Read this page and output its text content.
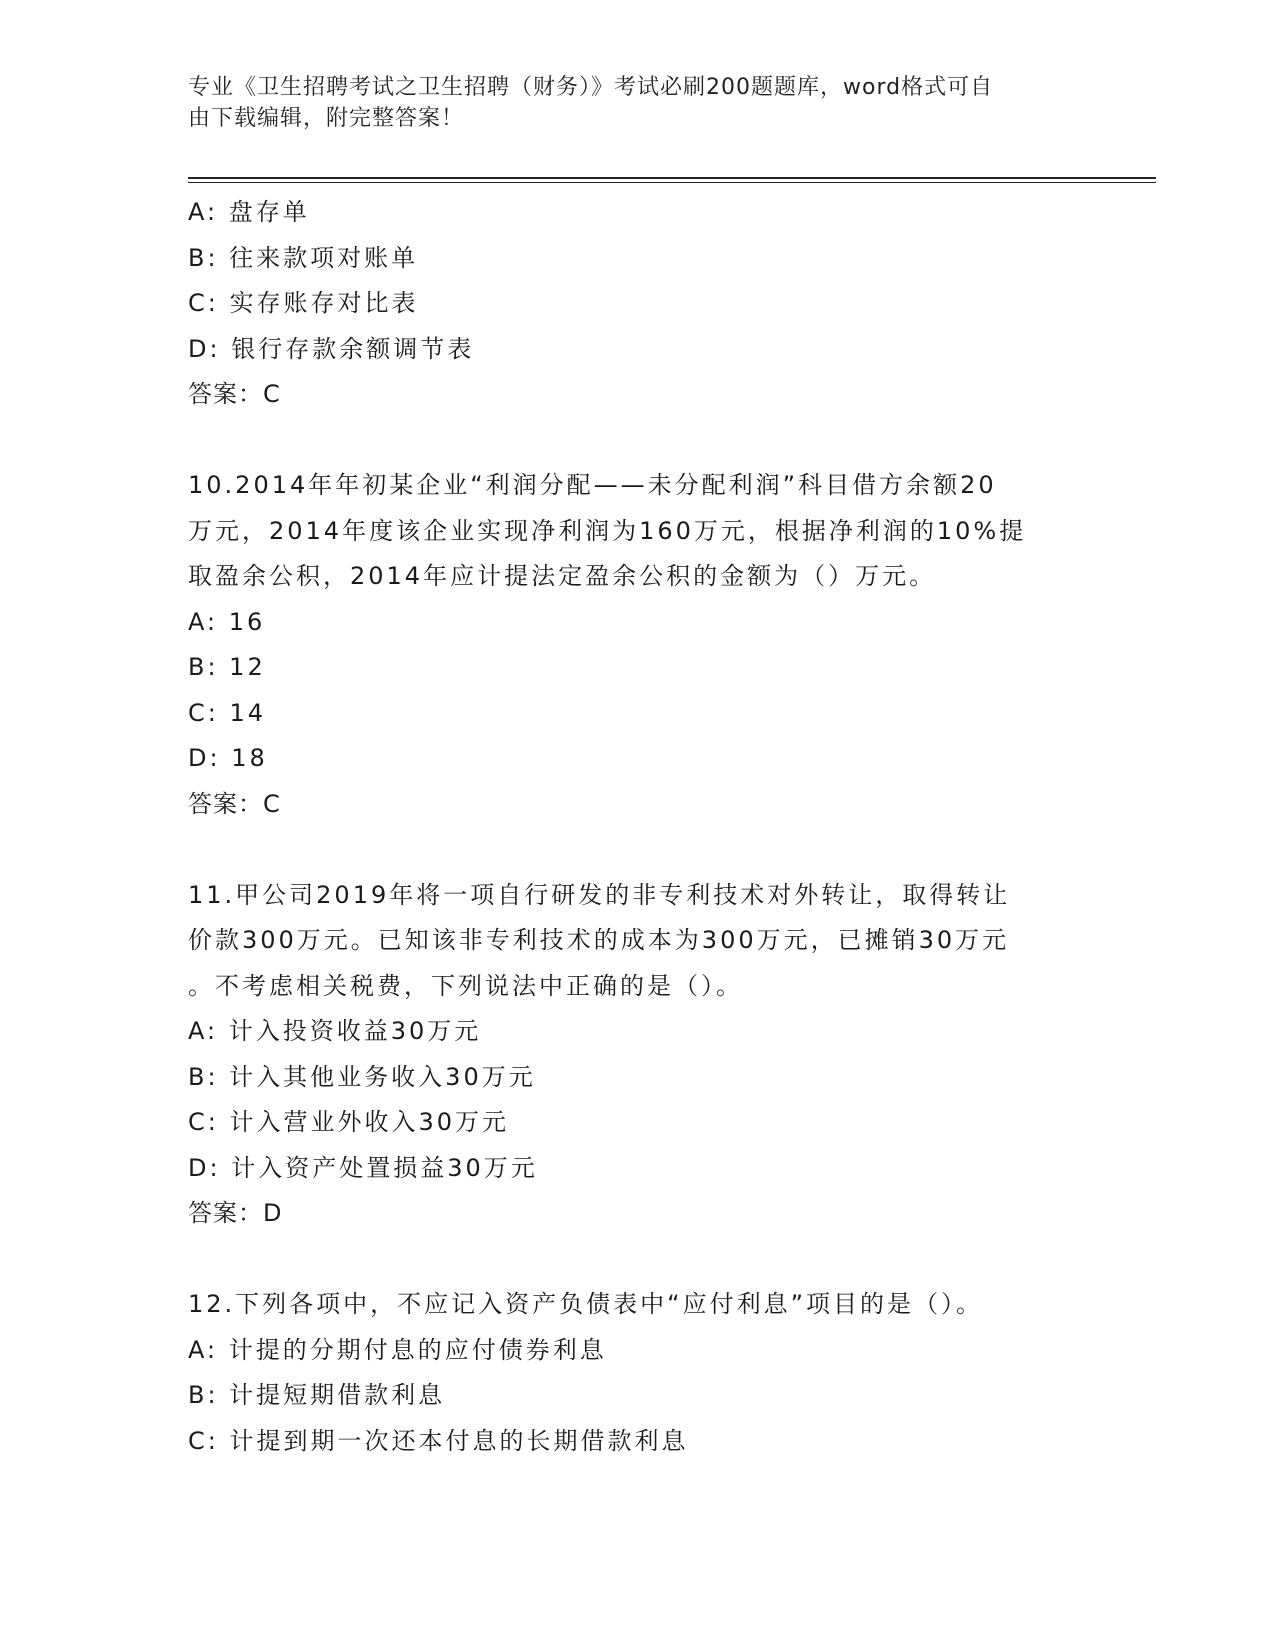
专业《卫生招聘考试之卫生招聘（财务）》考试必刷200题题库，word格式可自
由下载编辑，附完整答案！
A: 盘存单
B: 往来款项对账单
C: 实存账存对比表
D: 银行存款余额调节表
答案：C
10.2014年年初某企业“利润分配——未分配利润”科目借方余额20
万元，2014年度该企业实现净利润为160万元，根据净利润的10%提
取盈余公积，2014年应计提法定盈余公积的金额为（）万元。
A: 16
B: 12
C: 14
D: 18
答案：C
11.甲公司2019年将一项自行研发的非专利技术对外转让，取得转让
价款300万元。已知该非专利技术的成本为300万元，已摊销30万元
。不考虑相关税费，下列说法中正确的是（）。
A: 计入投资收益30万元
B: 计入其他业务收入30万元
C: 计入营业外收入30万元
D: 计入资产处置损益30万元
答案：D
12.下列各项中，不应记入资产负债表中“应付利息”项目的是（）。
A: 计提的分期付息的应付债券利息
B: 计提短期借款利息
C: 计提到期一次还本付息的长期借款利息
